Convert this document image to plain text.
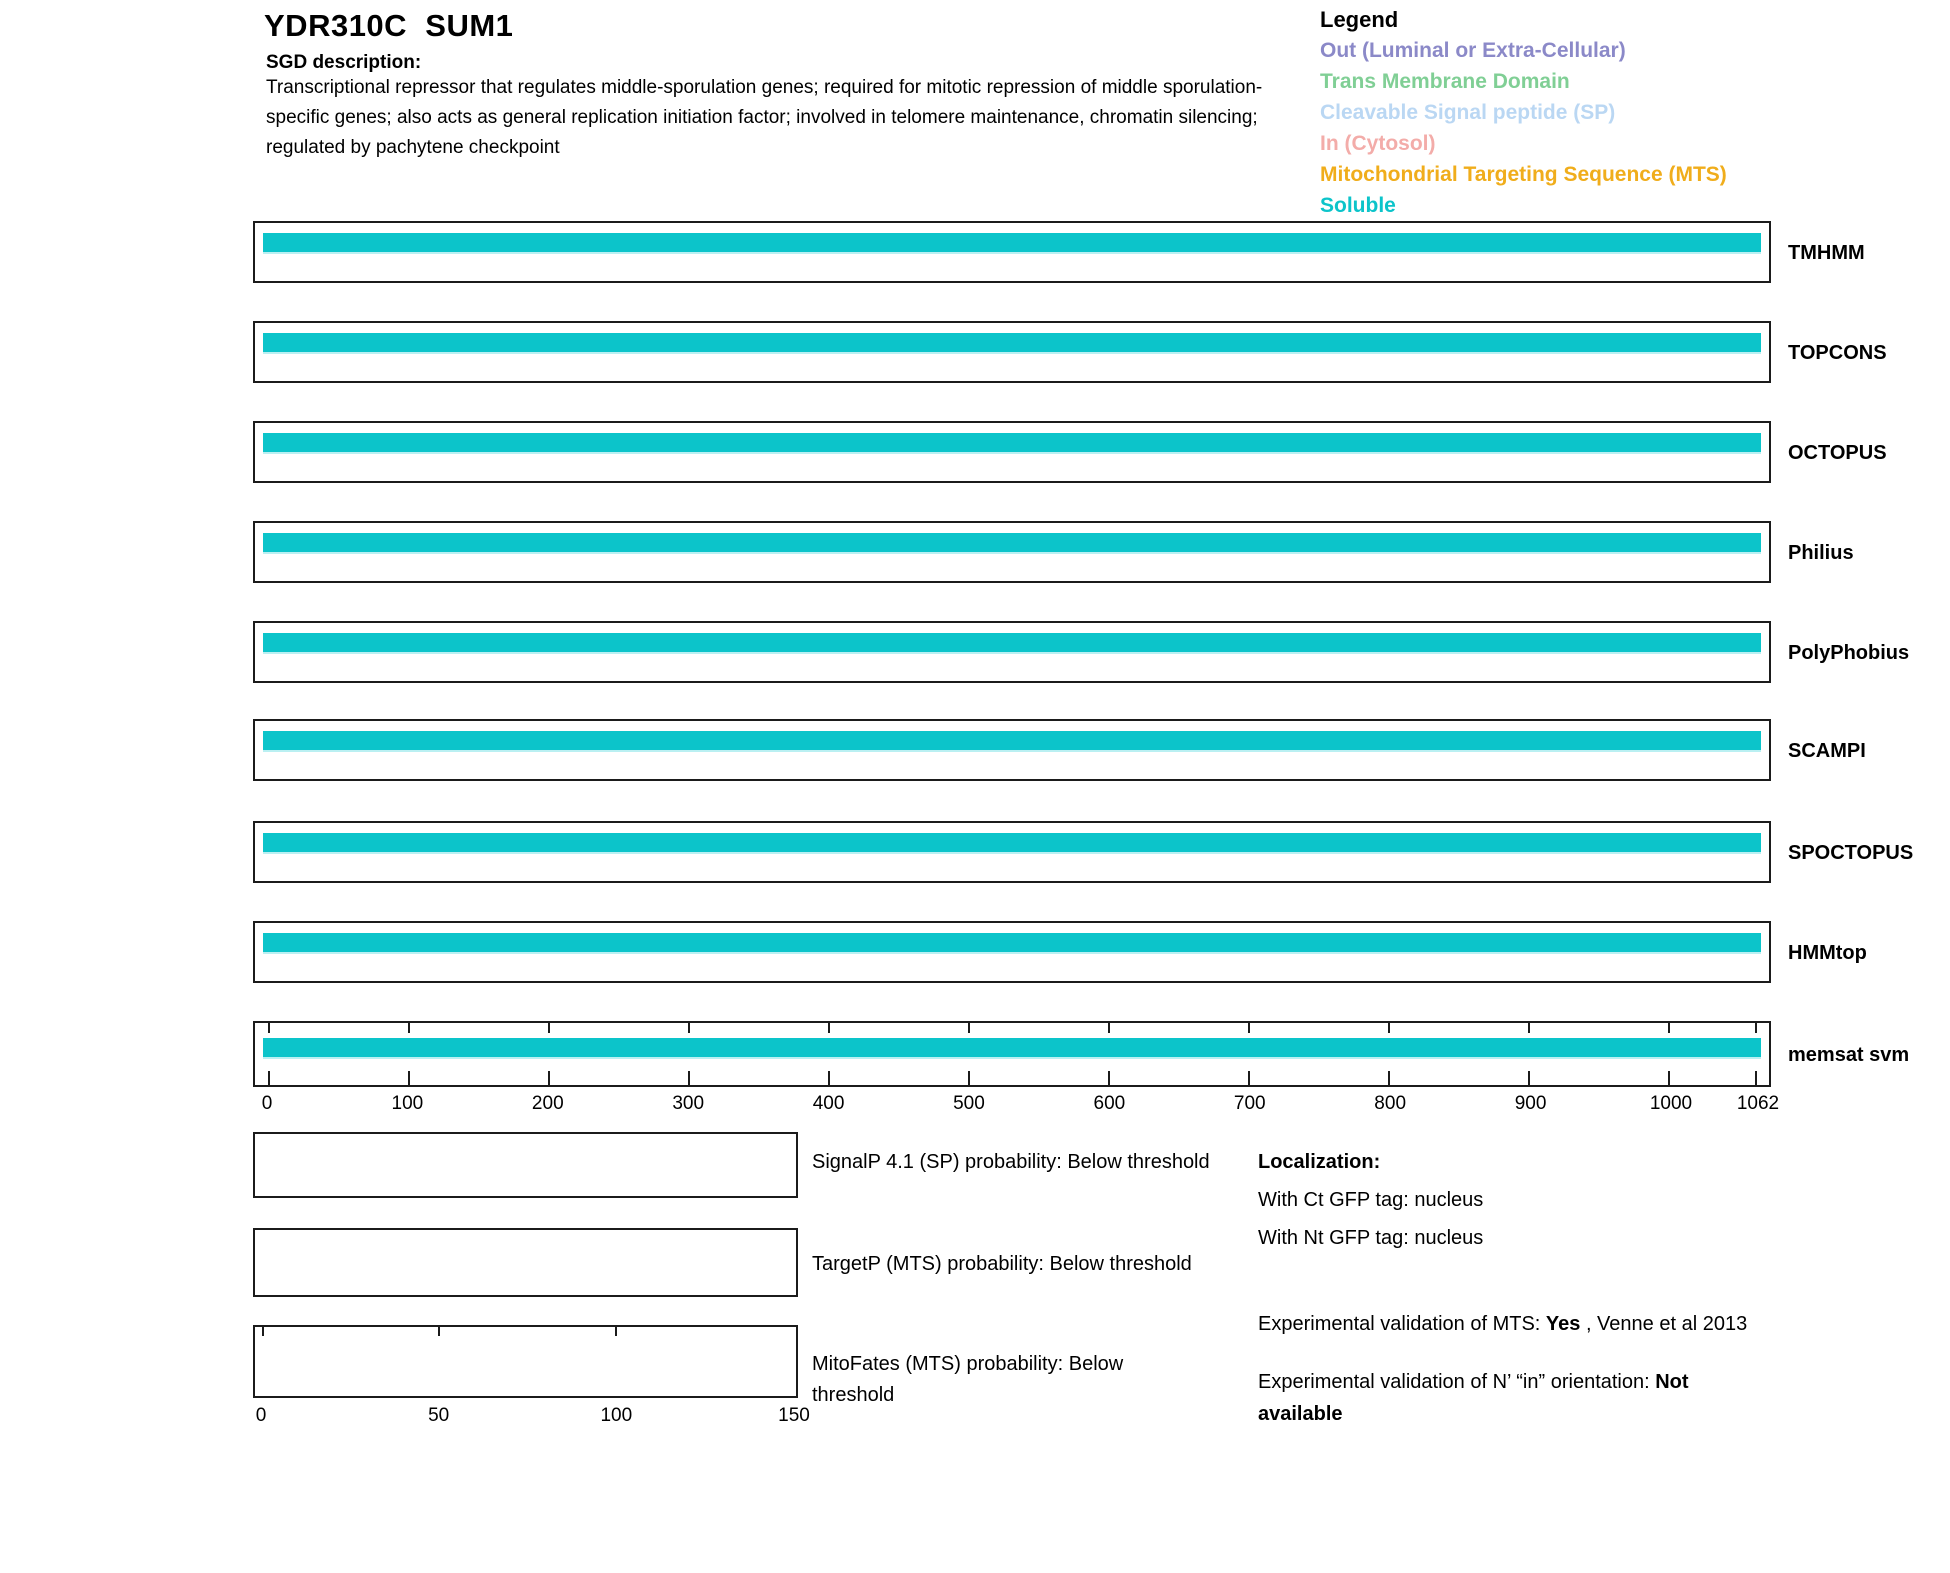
YDR310C  SUM1
SGD description:
Transcriptional repressor that regulates middle-sporulation genes; required for mitotic repression of middle sporulation-specific genes; also acts as general replication initiation factor; involved in telomere maintenance, chromatin silencing; regulated by pachytene checkpoint
Legend
Out (Luminal or Extra-Cellular)
Trans Membrane Domain
Cleavable Signal peptide (SP)
In (Cytosol)
Mitochondrial Targeting Sequence (MTS)
Soluble
TMHMM
TOPCONS
OCTOPUS
Philius
PolyPhobius
SCAMPI
SPOCTOPUS
HMMtop
memsat svm
0	100	200	300	400	500	600	700	800	900	1000 1062
SignalP 4.1 (SP) probability: Below threshold
TargetP (MTS) probability: Below threshold
MitoFates (MTS) probability: Below threshold
0	50	100	150
Localization:
With Ct GFP tag: nucleus
With Nt GFP tag: nucleus
Experimental validation of MTS: Yes , Venne et al 2013
Experimental validation of N’ “in” orientation: Not available
